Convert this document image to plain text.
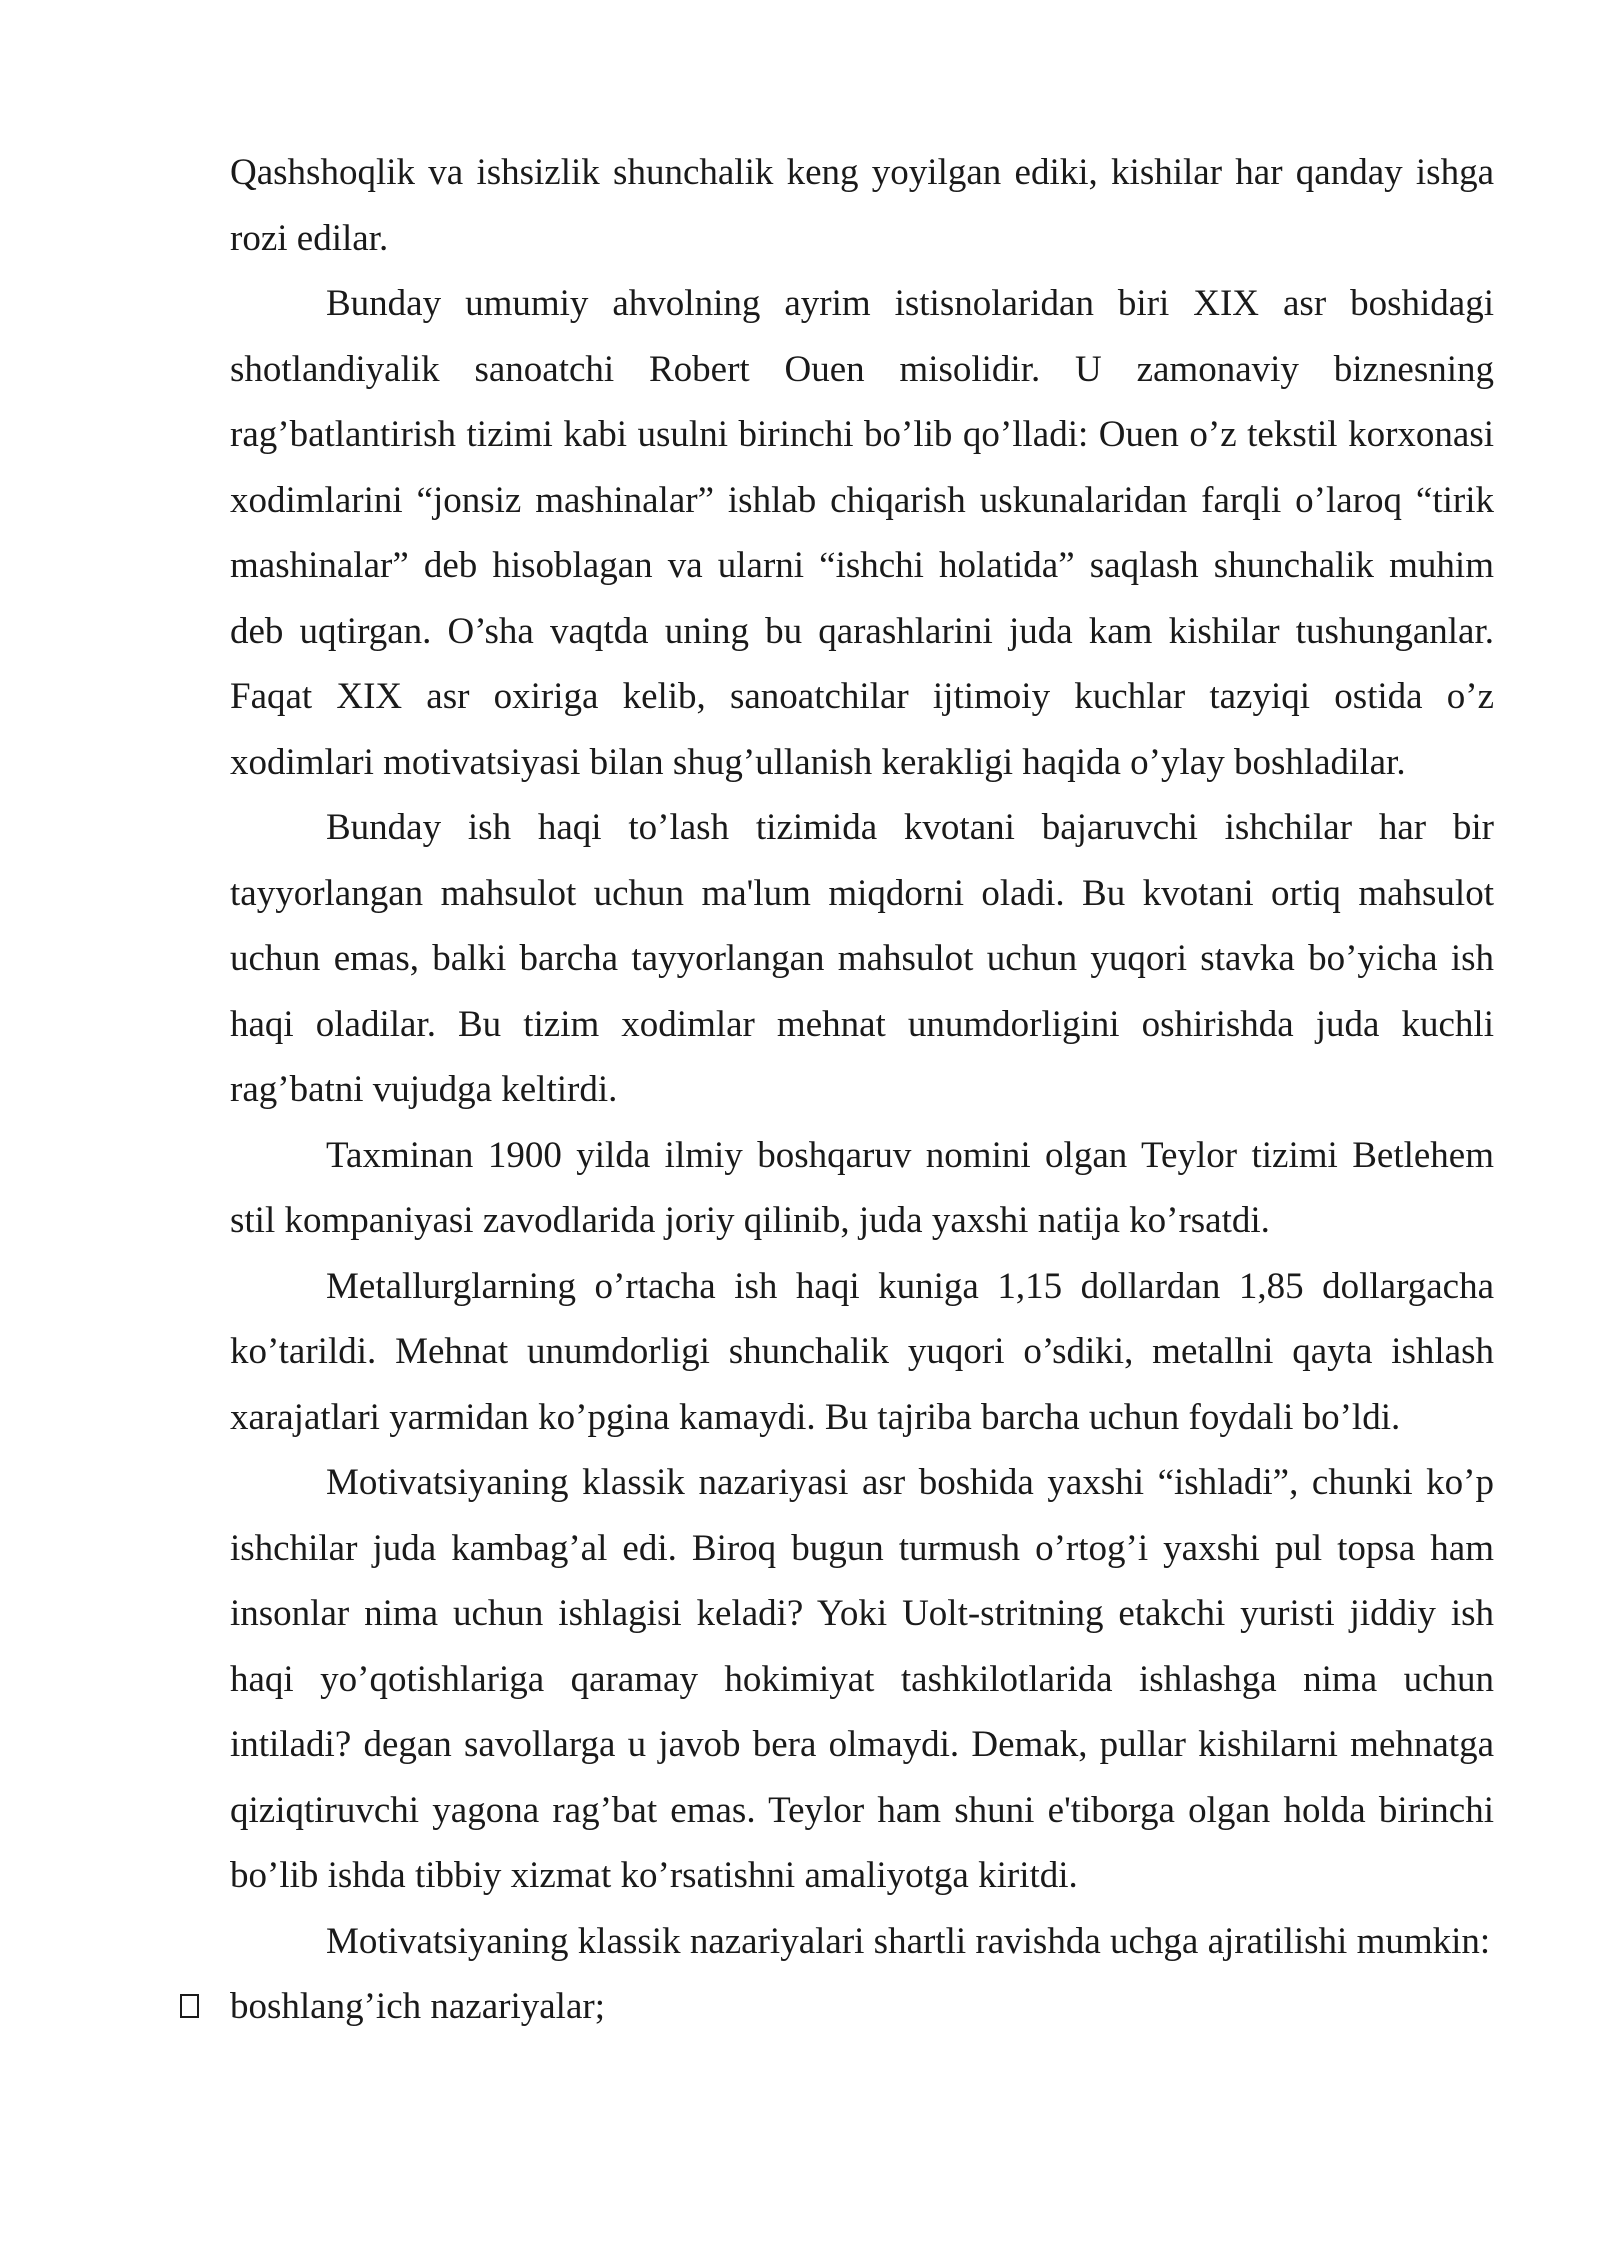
Qashshoqlik va ishsizlik shunchalik keng yoyilgan ediki, kishilar har qanday ishga rozi edilar.

Bunday umumiy ahvolning ayrim istisnolaridan biri XIX asr boshidagi shotlandiyalik sanoatchi Robert Ouen misolidir. U zamonaviy biznesning rag’batlantirish tizimi kabi usulni birinchi bo’lib qo’lladi: Ouen o’z tekstil korxonasi xodimlarini “jonsiz mashinalar” ishlab chiqarish uskunalaridan farqli o’laroq “tirik mashinalar” deb hisoblagan va ularni “ishchi holatida” saqlash shunchalik muhim deb uqtirgan. O’sha vaqtda uning bu qarashlarini juda kam kishilar tushunganlar. Faqat XIX asr oxiriga kelib, sanoatchilar ijtimoiy kuchlar tazyiqi ostida o’z xodimlari motivatsiyasi bilan shug’ullanish kerakligi haqida o’ylay boshladilar.

Bunday ish haqi to’lash tizimida kvotani bajaruvchi ishchilar har bir tayyorlangan mahsulot uchun ma'lum miqdorni oladi. Bu kvotani ortiq mahsulot uchun emas, balki barcha tayyorlangan mahsulot uchun yuqori stavka bo’yicha ish haqi oladilar. Bu tizim xodimlar mehnat unumdorligini oshirishda juda kuchli rag’batni vujudga keltirdi.

Taxminan 1900 yilda ilmiy boshqaruv nomini olgan Teylor tizimi Betlehem stil kompaniyasi zavodlarida joriy qilinib, juda yaxshi natija ko’rsatdi.

Metallurglarning o’rtacha ish haqi kuniga 1,15 dollardan 1,85 dollargacha ko’tarildi. Mehnat unumdorligi shunchalik yuqori o’sdiki, metallni qayta ishlash xarajatlari yarmidan ko’pgina kamaydi. Bu tajriba barcha uchun foydali bo’ldi.

Motivatsiyaning klassik nazariyasi asr boshida yaxshi “ishladi”, chunki ko’p ishchilar juda kambag’al edi. Biroq bugun turmush o’rtog’i yaxshi pul topsa ham insonlar nima uchun ishlagisi keladi? Yoki Uolt-stritning etakchi yuristi jiddiy ish haqi yo’qotishlariga qaramay hokimiyat tashkilotlarida ishlashga nima uchun intiladi? degan savollarga u javob bera olmaydi. Demak, pullar kishilarni mehnatga qiziqtiruvchi yagona rag’bat emas. Teylor ham shuni e'tiborga olgan holda birinchi bo’lib ishda tibbiy xizmat ko’rsatishni amaliyotga kiritdi.

Motivatsiyaning klassik nazariyalari shartli ravishda uchga ajratilishi mumkin:

boshlang’ich nazariyalar;
